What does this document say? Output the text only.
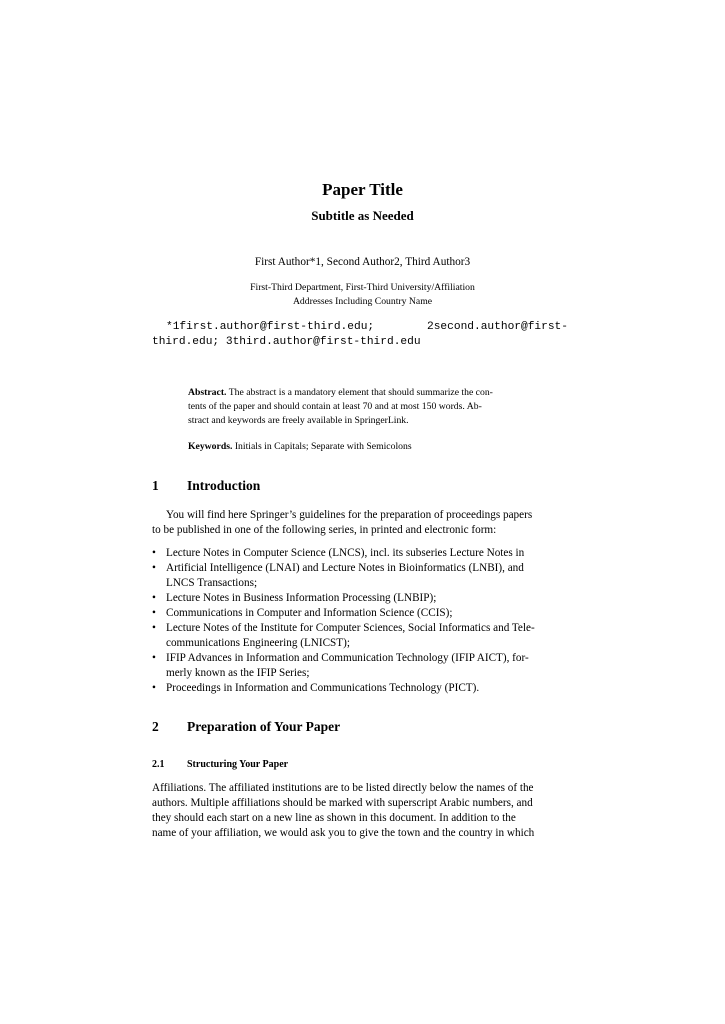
Paper Title
Subtitle as Needed
First Author*1, Second Author2, Third Author3
First-Third Department, First-Third University/Affiliation
Addresses Including Country Name
*1first.author@first-third.edu;	2second.author@first-
third.edu; 3third.author@first-third.edu
Abstract. The abstract is a mandatory element that should summarize the con-
tents of the paper and should contain at least 70 and at most 150 words. Ab-
stract and keywords are freely available in SpringerLink.
Keywords. Initials in Capitals; Separate with Semicolons
1 Introduction
You will find here Springer’s guidelines for the preparation of proceedings papers
to be published in one of the following series, in printed and electronic form:
• Lecture Notes in Computer Science (LNCS), incl. its subseries Lecture Notes in
• Artificial Intelligence (LNAI) and Lecture Notes in Bioinformatics (LNBI), and
LNCS Transactions;
• Lecture Notes in Business Information Processing (LNBIP);
• Communications in Computer and Information Science (CCIS);
• Lecture Notes of the Institute for Computer Sciences, Social Informatics and Tele-
communications Engineering (LNICST);
• IFIP Advances in Information and Communication Technology (IFIP AICT), for-
merly known as the IFIP Series;
• Proceedings in Information and Communications Technology (PICT).
2 Preparation of Your Paper
2.1 Structuring Your Paper
Affiliations. The affiliated institutions are to be listed directly below the names of the
authors. Multiple affiliations should be marked with superscript Arabic numbers, and
they should each start on a new line as shown in this document. In addition to the
name of your affiliation, we would ask you to give the town and the country in which
